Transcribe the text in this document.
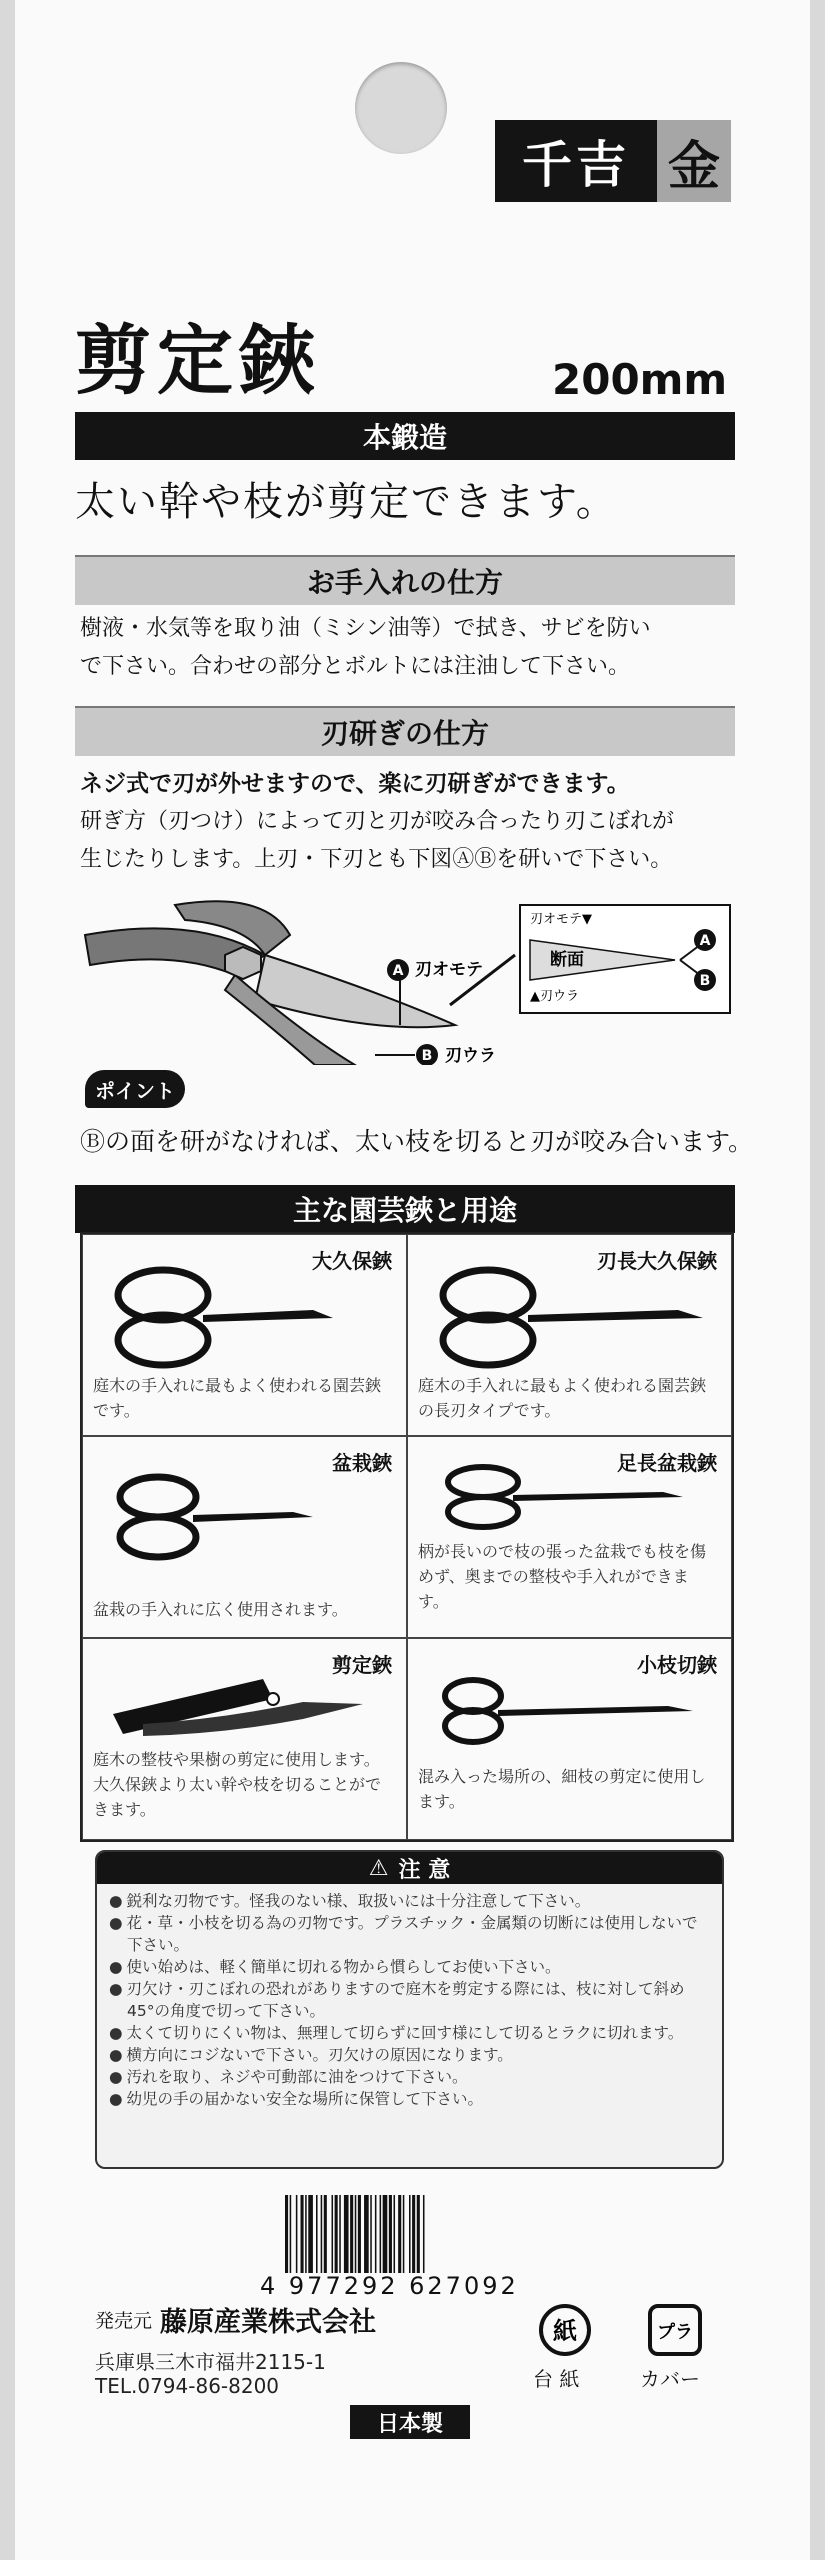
千吉 金
剪定鋏	200mm
本鍛造
太い幹や枝が剪定できます。
お手入れの仕方
樹液・水気等を取り油（ミシン油等）で拭き、サビを防い
で下さい。合わせの部分とボルトには注油して下さい。
刃研ぎの仕方
ネジ式で刃が外せますので、楽に刃研ぎができます。
研ぎ方（刃つけ）によって刃と刃が咬み合ったり刃こぼれが
生じたりします。上刃・下刃とも下図ⒶⒷを研いで下さい。
A 刃オモテ
B 刃ウラ
刃オモテ▼
断面
▲刃ウラ
A
B
ポイント
Ⓑの面を研がなければ、太い枝を切ると刃が咬み合います。
主な園芸鋏と用途
大久保鋏
庭木の手入れに最もよく使われる園芸鋏です。
刃長大久保鋏
庭木の手入れに最もよく使われる園芸鋏の長刃タイプです。
盆栽鋏
盆栽の手入れに広く使用されます。
足長盆栽鋏
柄が長いので枝の張った盆栽でも枝を傷めず、奥までの整枝や手入れができます。
剪定鋏
庭木の整枝や果樹の剪定に使用します。大久保鋏より太い幹や枝を切ることができます。
小枝切鋏
混み入った場所の、細枝の剪定に使用します。
⚠ 注 意
● 鋭利な刃物です。怪我のない様、取扱いには十分注意して下さい。
● 花・草・小枝を切る為の刃物です。プラスチック・金属類の切断には使用しないで下さい。
● 使い始めは、軽く簡単に切れる物から慣らしてお使い下さい。
● 刃欠け・刃こぼれの恐れがありますので庭木を剪定する際には、枝に対して斜め45°の角度で切って下さい。
● 太くて切りにくい物は、無理して切らずに回す様にして切るとラクに切れます。
● 横方向にコジないで下さい。刃欠けの原因になります。
● 汚れを取り、ネジや可動部に油をつけて下さい。
● 幼児の手の届かない安全な場所に保管して下さい。
4 977292 627092
発売元 藤原産業株式会社
兵庫県三木市福井2115-1
TEL.0794-86-8200
紙
台 紙
プラ
カバー
日本製
